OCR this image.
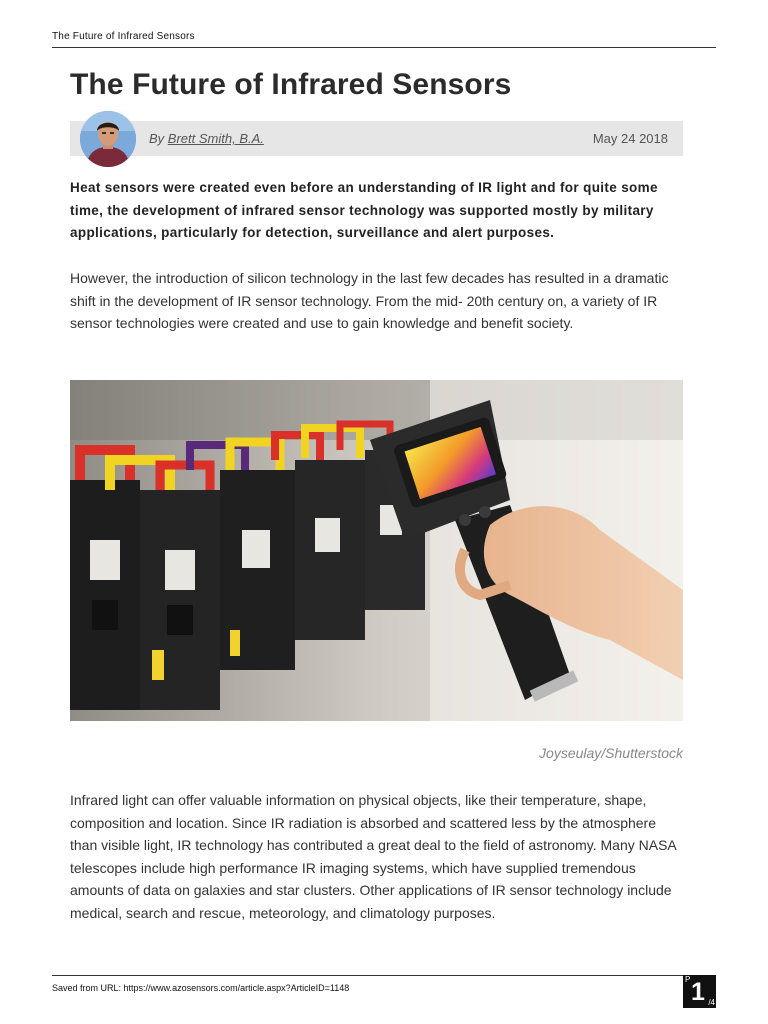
The Future of Infrared Sensors
The Future of Infrared Sensors
By Brett Smith, B.A.	May 24 2018

Heat sensors were created even before an understanding of IR light and for quite some time, the development of infrared sensor technology was supported mostly by military applications, particularly for detection, surveillance and alert purposes.

However, the introduction of silicon technology in the last few decades has resulted in a dramatic shift in the development of IR sensor technology. From the mid- 20th century on, a variety of IR sensor technologies were created and use to gain knowledge and benefit society.

Joyseulay/Shutterstock

Infrared light can offer valuable information on physical objects, like their temperature, shape, composition and location. Since IR radiation is absorbed and scattered less by the atmosphere than visible light, IR technology has contributed a great deal to the field of astronomy. Many NASA telescopes include high performance IR imaging systems, which have supplied tremendous amounts of data on galaxies and star clusters. Other applications of IR sensor technology include medical, search and rescue, meteorology, and climatology purposes.

Saved from URL: https://www.azosensors.com/article.aspx?ArticleID=1148
P 1 /4
